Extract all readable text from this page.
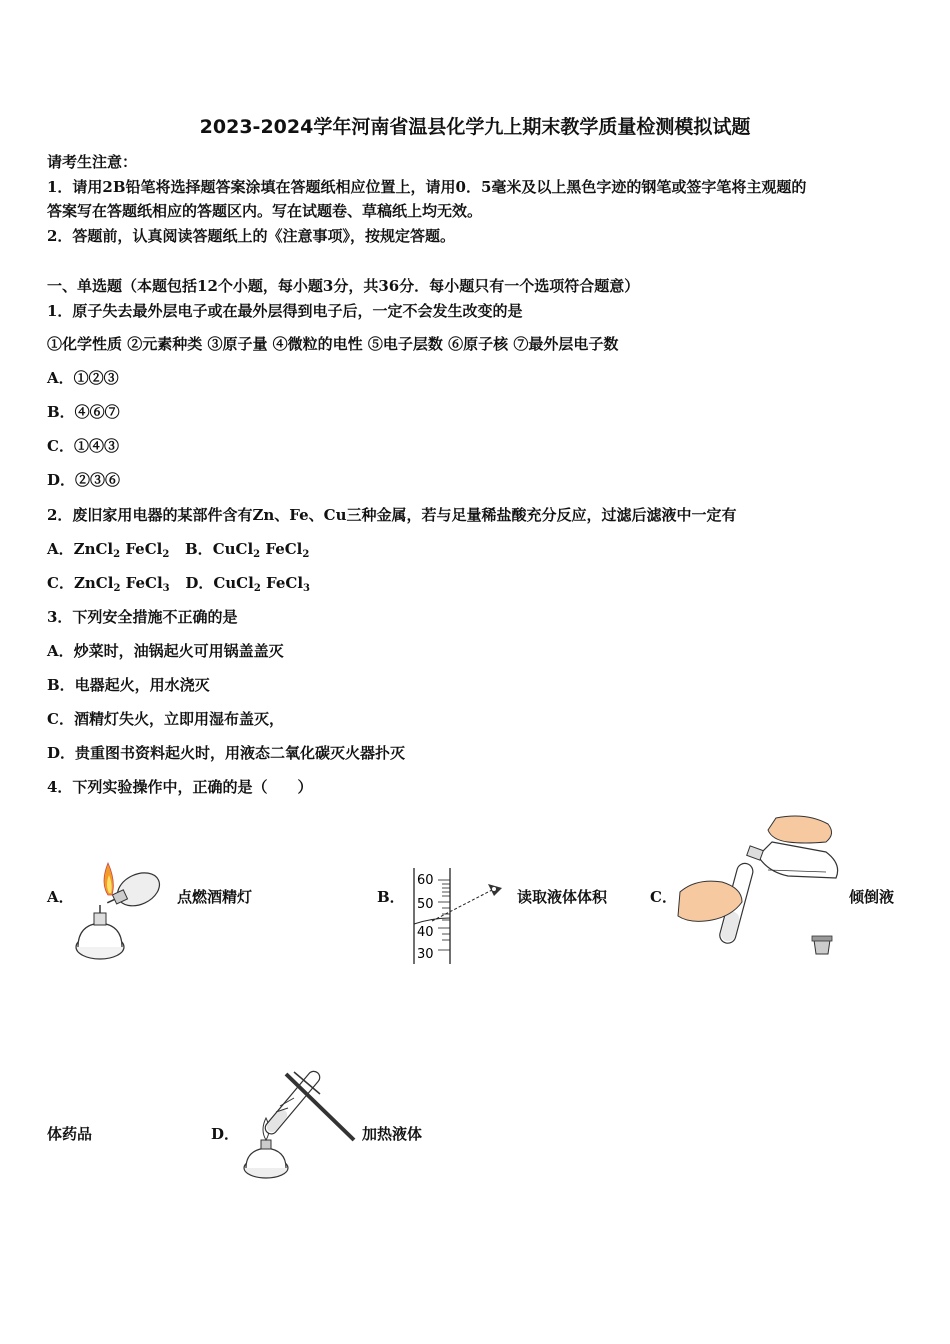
2023-2024学年河南省温县化学九上期末教学质量检测模拟试题
请考生注意：
1．请用2B铅笔将选择题答案涂填在答题纸相应位置上，请用0．5毫米及以上黑色字迹的钢笔或签字笔将主观题的
答案写在答题纸相应的答题区内。写在试题卷、草稿纸上均无效。
2．答题前，认真阅读答题纸上的《注意事项》，按规定答题。
一、单选题（本题包括12个小题，每小题3分，共36分．每小题只有一个选项符合题意）
1．原子失去最外层电子或在最外层得到电子后，一定不会发生改变的是
①化学性质 ②元素种类 ③原子量 ④微粒的电性 ⑤电子层数 ⑥原子核 ⑦最外层电子数
A．①②③
B．④⑥⑦
C．①④③
D．②③⑥
2．废旧家用电器的某部件含有Zn、Fe、Cu三种金属，若与足量稀盐酸充分反应，过滤后滤液中一定有
A．ZnCl$_2$ FeCl$_2$ B．CuCl$_2$ FeCl$_2$
C．ZnCl$_2$ FeCl$_3$ D．CuCl$_2$ FeCl$_3$
3．下列安全措施不正确的是
A．炒菜时，油锅起火可用锅盖盖灭
B．电器起火，用水浇灭
C．酒精灯失火，立即用湿布盖灭，
D．贵重图书资料起火时，用液态二氧化碳灭火器扑灭
4．下列实验操作中，正确的是（　　）
A．	点燃酒精灯	B．
60
50
40
30
读取液体体积	C．	倾倒液
体药品	D．	加热液体
